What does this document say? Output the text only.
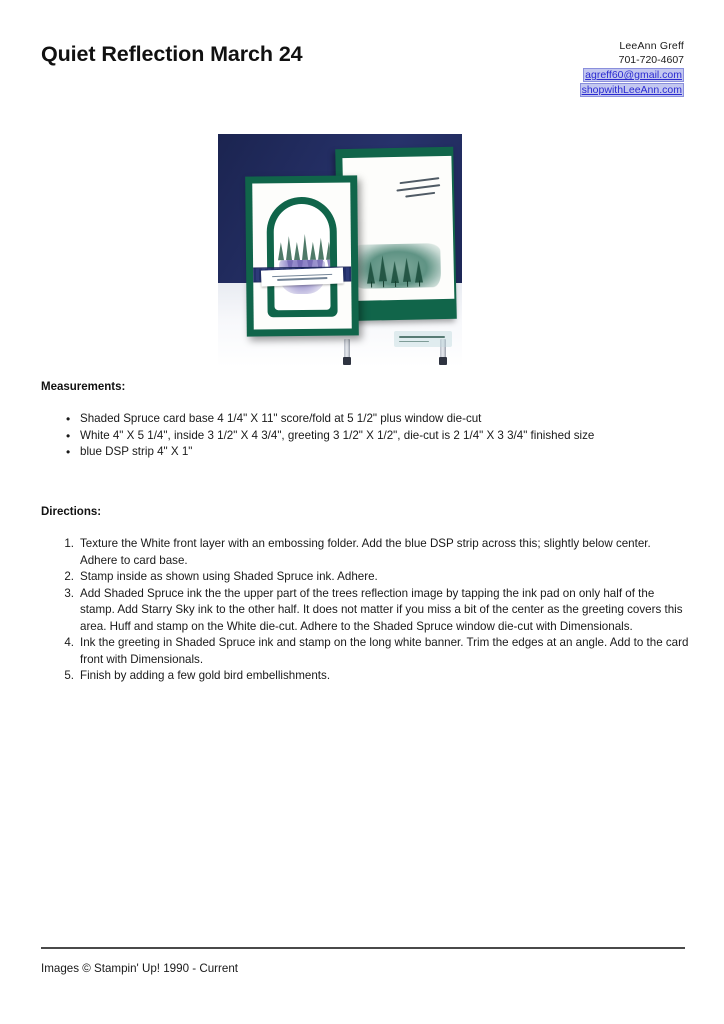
Quiet Reflection March 24	LeeAnn Greff
701-720-4607
agreff60@gmail.com
shopwithLeeAnn.com
Measurements:
• Shaded Spruce card base 4 1/4" X 11" score/fold at 5 1/2" plus window die-cut
• White 4" X 5 1/4", inside 3 1/2" X 4 3/4", greeting 3 1/2" X 1/2", die-cut is 2 1/4" X 3 3/4" finished size
• blue DSP strip 4" X 1"
Directions:
1. Texture the White front layer with an embossing folder. Add the blue DSP strip across this; slightly below center. Adhere to card base.
2. Stamp inside as shown using Shaded Spruce ink. Adhere.
3. Add Shaded Spruce ink the the upper part of the trees reflection image by tapping the ink pad on only half of the stamp. Add Starry Sky ink to the other half. It does not matter if you miss a bit of the center as the greeting covers this area. Huff and stamp on the White die-cut. Adhere to the Shaded Spruce window die-cut with Dimensionals.
4. Ink the greeting in Shaded Spruce ink and stamp on the long white banner. Trim the edges at an angle. Add to the card front with Dimensionals.
5. Finish by adding a few gold bird embellishments.
Images © Stampin' Up! 1990 - Current
